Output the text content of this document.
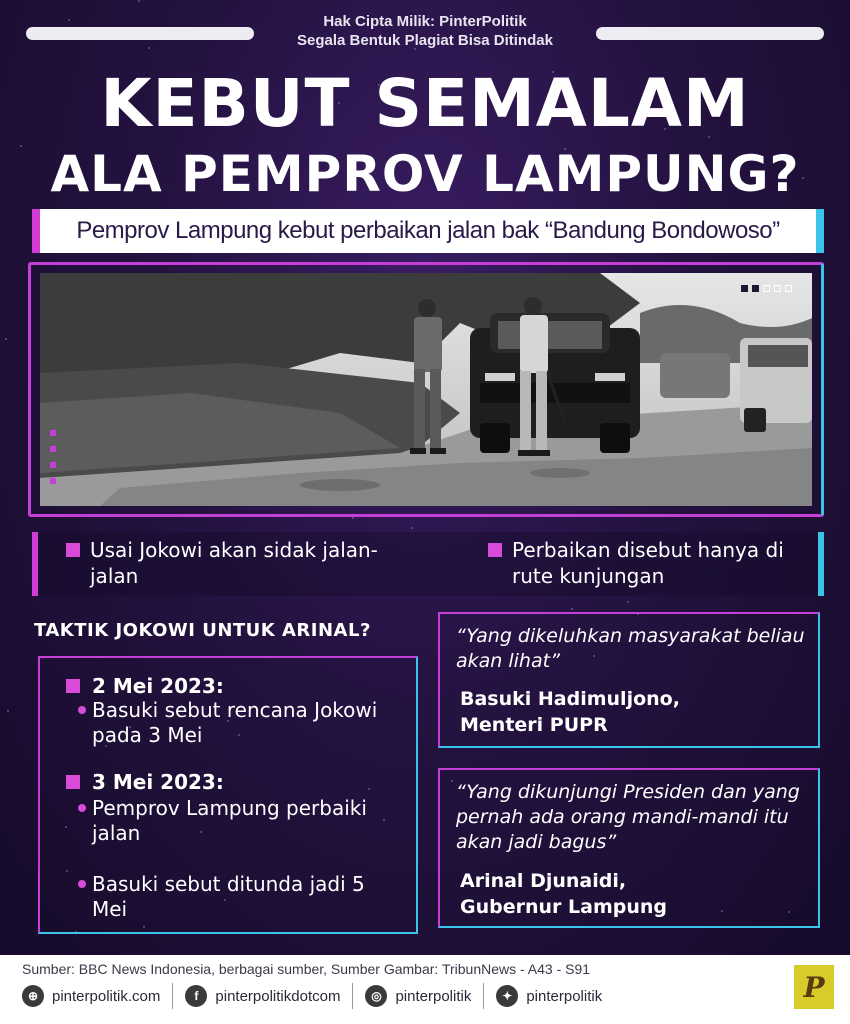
Hak Cipta Milik: PinterPolitik
Segala Bentuk Plagiat Bisa Ditindak
KEBUT SEMALAM
ALA PEMPROV LAMPUNG?
Pemprov Lampung kebut perbaikan jalan bak “Bandung Bondowoso”
Usai Jokowi akan sidak jalan-jalan
Perbaikan disebut hanya di rute kunjungan
TAKTIK JOKOWI UNTUK ARINAL?
2 Mei 2023:
Basuki sebut rencana Jokowi pada 3 Mei
3 Mei 2023:
Pemprov Lampung perbaiki jalan
Basuki sebut ditunda jadi 5 Mei
“Yang dikeluhkan masyarakat beliau akan lihat”
Basuki Hadimuljono,
Menteri PUPR
“Yang dikunjungi Presiden dan yang pernah ada orang mandi-mandi itu akan jadi bagus”
Arinal Djunaidi,
Gubernur Lampung
Sumber: BBC News Indonesia, berbagai sumber, Sumber Gambar: TribunNews - A43 - S91
⊕ pinterpolitik.com	f	pinterpolitikdotcom	◎ pinterpolitik	✦ pinterpolitik	P
